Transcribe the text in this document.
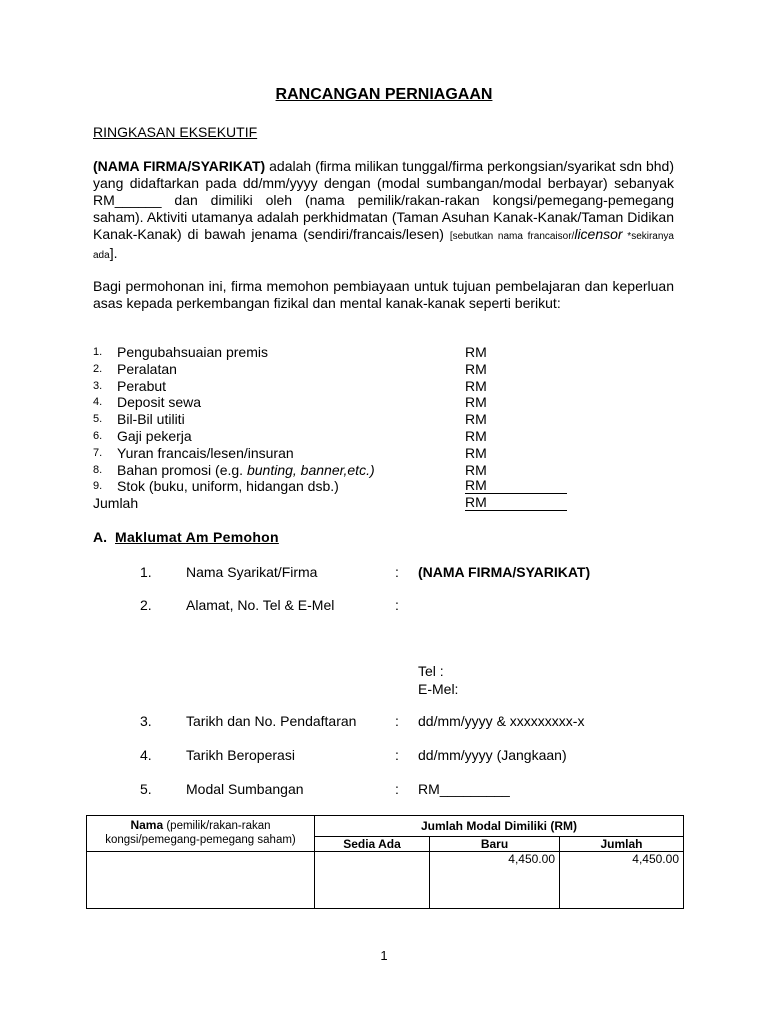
RANCANGAN PERNIAGAAN
RINGKASAN EKSEKUTIF
(NAMA FIRMA/SYARIKAT) adalah (firma milikan tunggal/firma perkongsian/syarikat sdn bhd) yang didaftarkan pada dd/mm/yyyy dengan (modal sumbangan/modal berbayar) sebanyak RM______ dan dimiliki oleh (nama pemilik/rakan-rakan kongsi/pemegang-pemegang saham). Aktiviti utamanya adalah perkhidmatan (Taman Asuhan Kanak-Kanak/Taman Didikan Kanak-Kanak) di bawah jenama (sendiri/francais/lesen) [sebutkan nama francaisor/licensor *sekiranya ada].
Bagi permohonan ini, firma memohon pembiayaan untuk tujuan pembelajaran dan keperluan asas kepada perkembangan fizikal dan mental kanak-kanak seperti berikut:
1. Pengubahsuaian premis	RM
2. Peralatan	RM
3. Perabut	RM
4. Deposit sewa	RM
5. Bil-Bil utiliti	RM
6. Gaji pekerja	RM
7. Yuran francais/lesen/insuran	RM
8. Bahan promosi (e.g. bunting, banner,etc.)	RM
9. Stok (buku, uniform, hidangan dsb.)	RM
Jumlah	RM
A. Maklumat Am Pemohon
1. Nama Syarikat/Firma	: (NAMA FIRMA/SYARIKAT)
2. Alamat, No. Tel & E-Mel	:
Tel :
E-Mel:
3. Tarikh dan No. Pendaftaran	: dd/mm/yyyy & xxxxxxxxx-x
4. Tarikh Beroperasi	: dd/mm/yyyy (Jangkaan)
5. Modal Sumbangan	: RM_________
Nama (pemilik/rakan-rakan kongsi/pemegang-pemegang saham)	Jumlah Modal Dimiliki (RM)		
	Sedia Ada	Baru	Jumlah
		4,450.00	4,450.00
1
